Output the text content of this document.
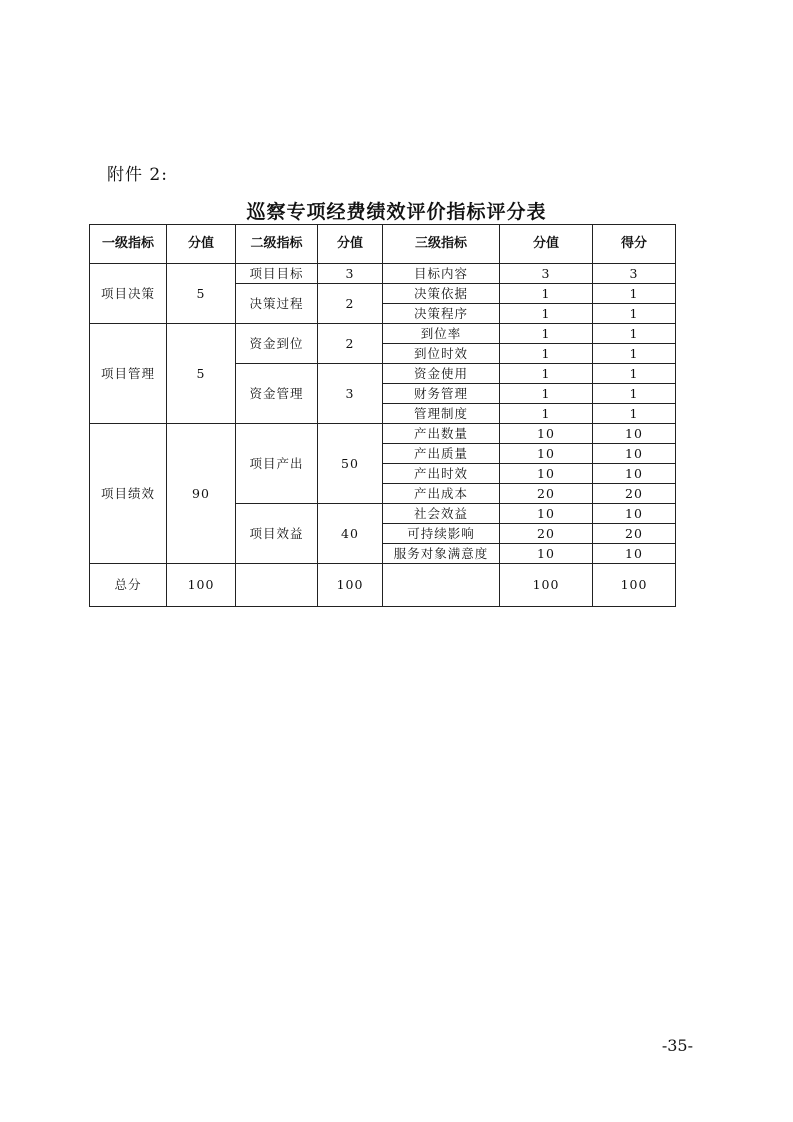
附件 2:
巡察专项经费绩效评价指标评分表
一级指标	分值	二级指标	分值	三级指标	分值	得分
项目决策	5	项目目标	3	目标内容	3	3
		决策过程	2	决策依据	1	1
				决策程序	1	1
项目管理	5	资金到位	2	到位率	1	1
				到位时效	1	1
		资金管理	3	资金使用	1	1
				财务管理	1	1
				管理制度	1	1
项目绩效	90	项目产出	50	产出数量	10	10
				产出质量	10	10
				产出时效	10	10
				产出成本	20	20
		项目效益	40	社会效益	10	10
				可持续影响	20	20
				服务对象满意度	10	10
总分	100		100		100	100
-35-
